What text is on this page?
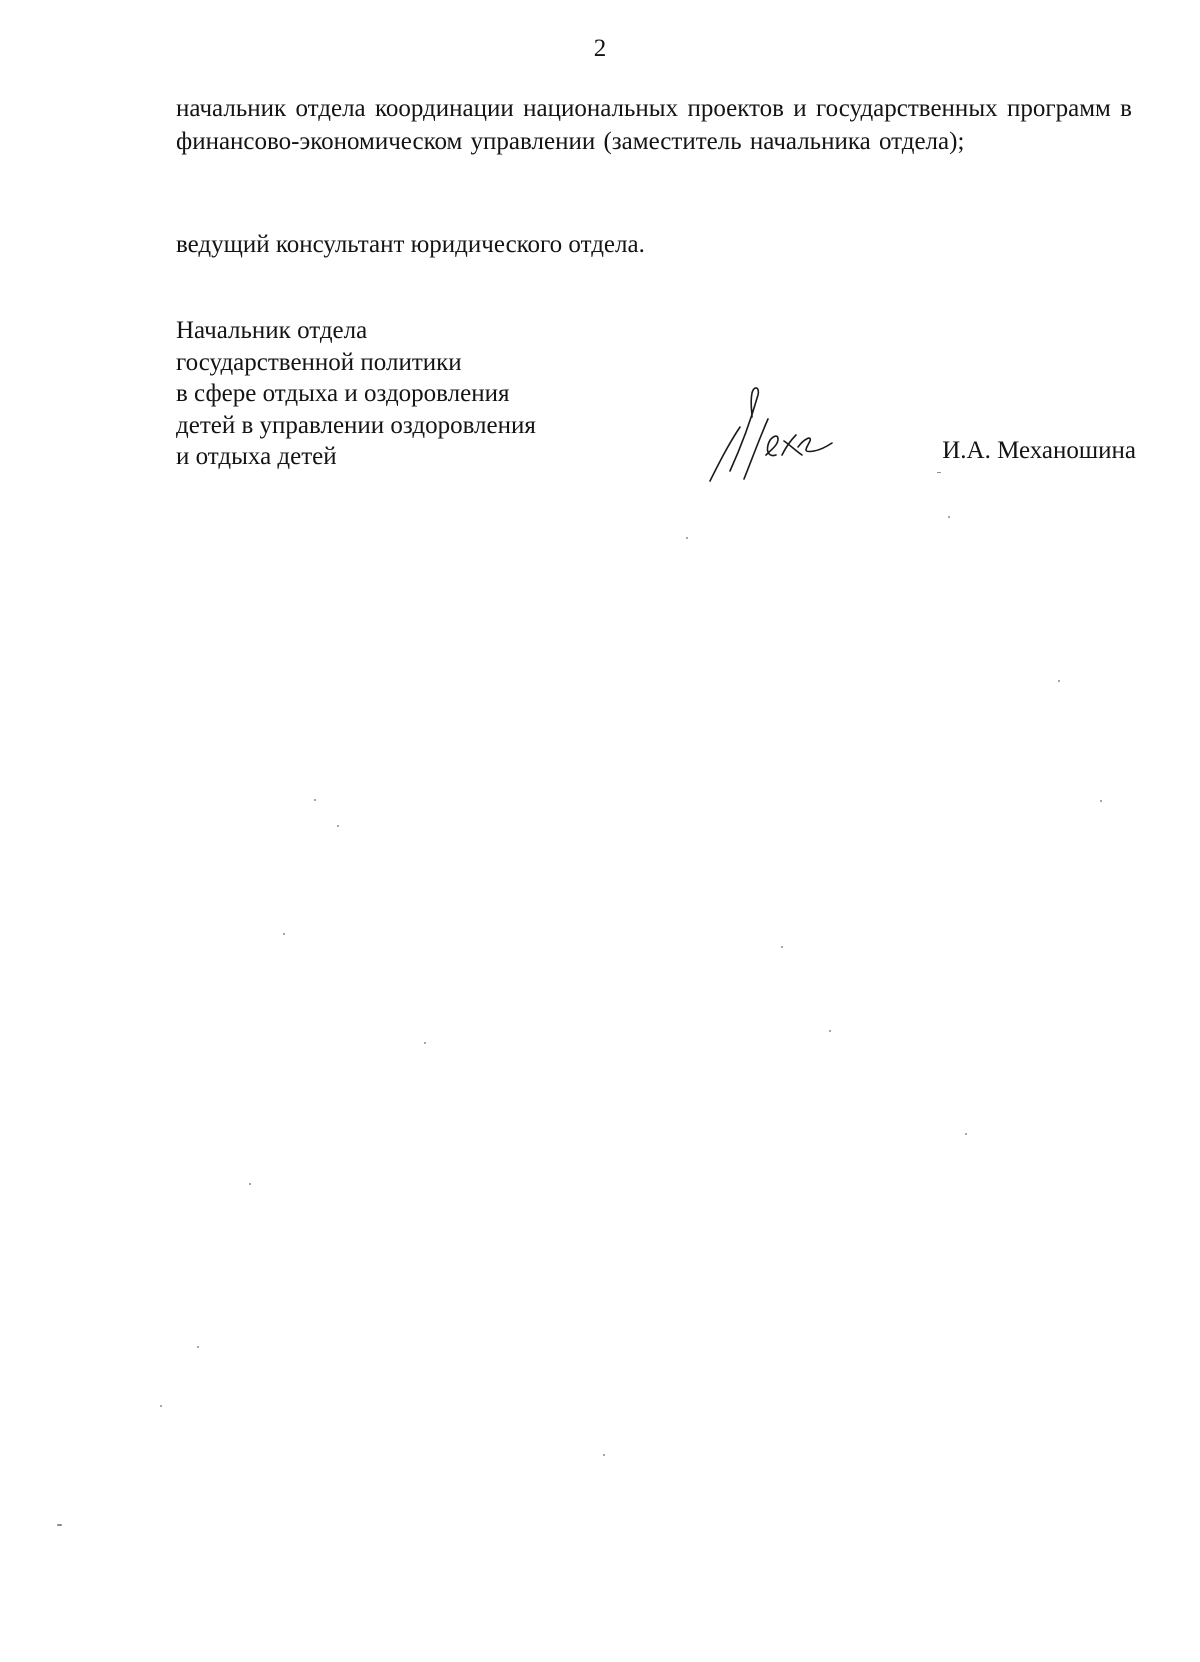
2
начальник отдела координации национальных проектов и государственных программ в финансово-экономическом управлении (заместитель начальника отдела);
ведущий консультант юридического отдела.
Начальник отдела
государственной политики
в сфере отдыха и оздоровления
детей в управлении оздоровления
и отдыха детей	И.А. Механошина
